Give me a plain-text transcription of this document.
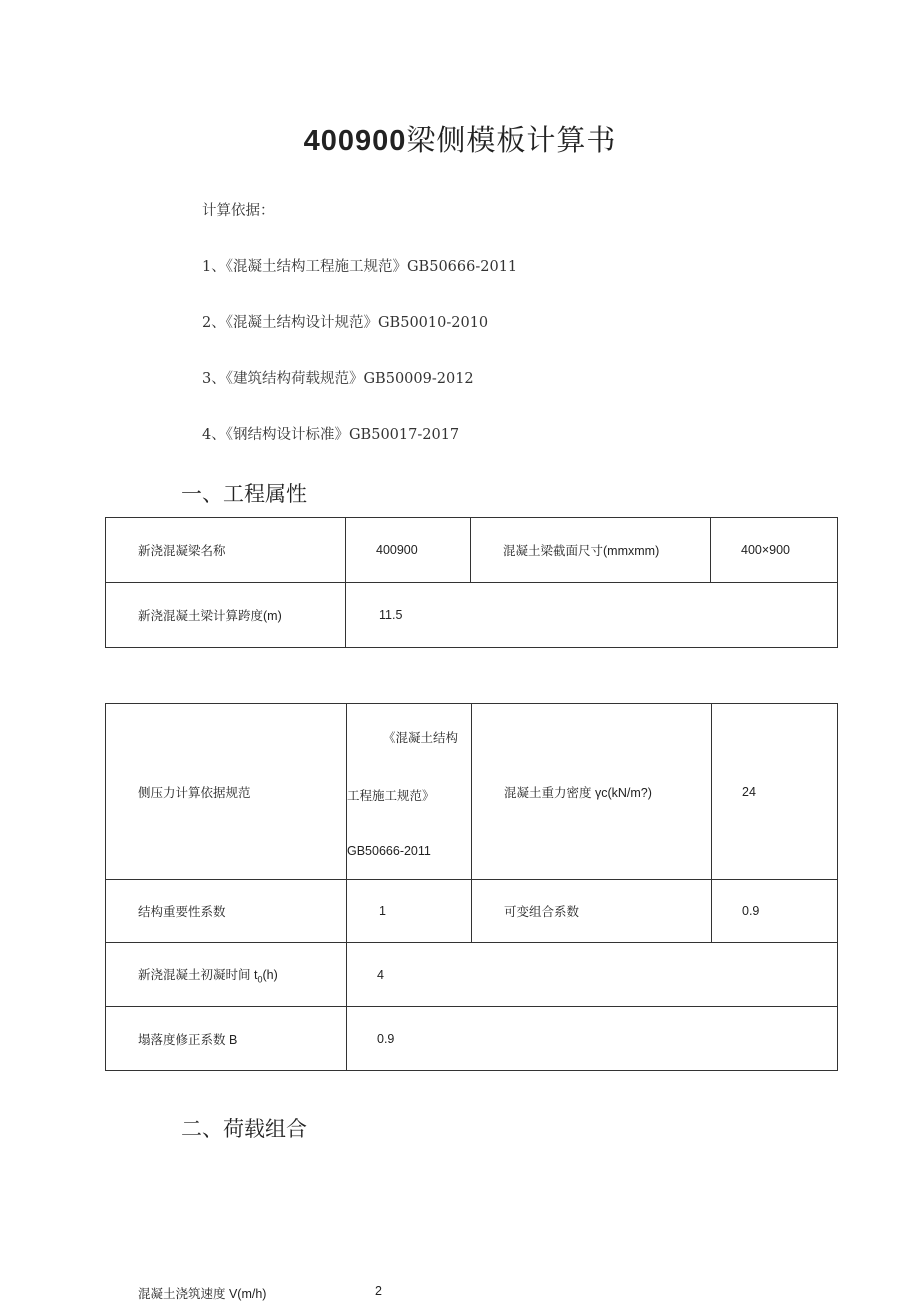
400900梁侧模板计算书
计算依据：
1、《混凝土结构工程施工规范》GB50666-2011
2、《混凝土结构设计规范》GB50010-2010
3、《建筑结构荷载规范》GB50009-2012
4、《钢结构设计标准》GB50017-2017
一、工程属性
新浇混凝梁名称	400900	混凝土梁截面尺寸(mmxmm)	400×900
新浇混凝土梁计算跨度(m)	11.5		
侧压力计算依据规范	《混凝土结构
工程施工规范》
GB50666-2011	混凝土重力密度 γc(kN/m?)	24
结构重要性系数	1	可变组合系数	0.9
新浇混凝土初凝时间 $t_0(h)$	4		
塌落度修正系数 B	0.9		
二、荷载组合
混凝土浇筑速度 V(m/h)	2
